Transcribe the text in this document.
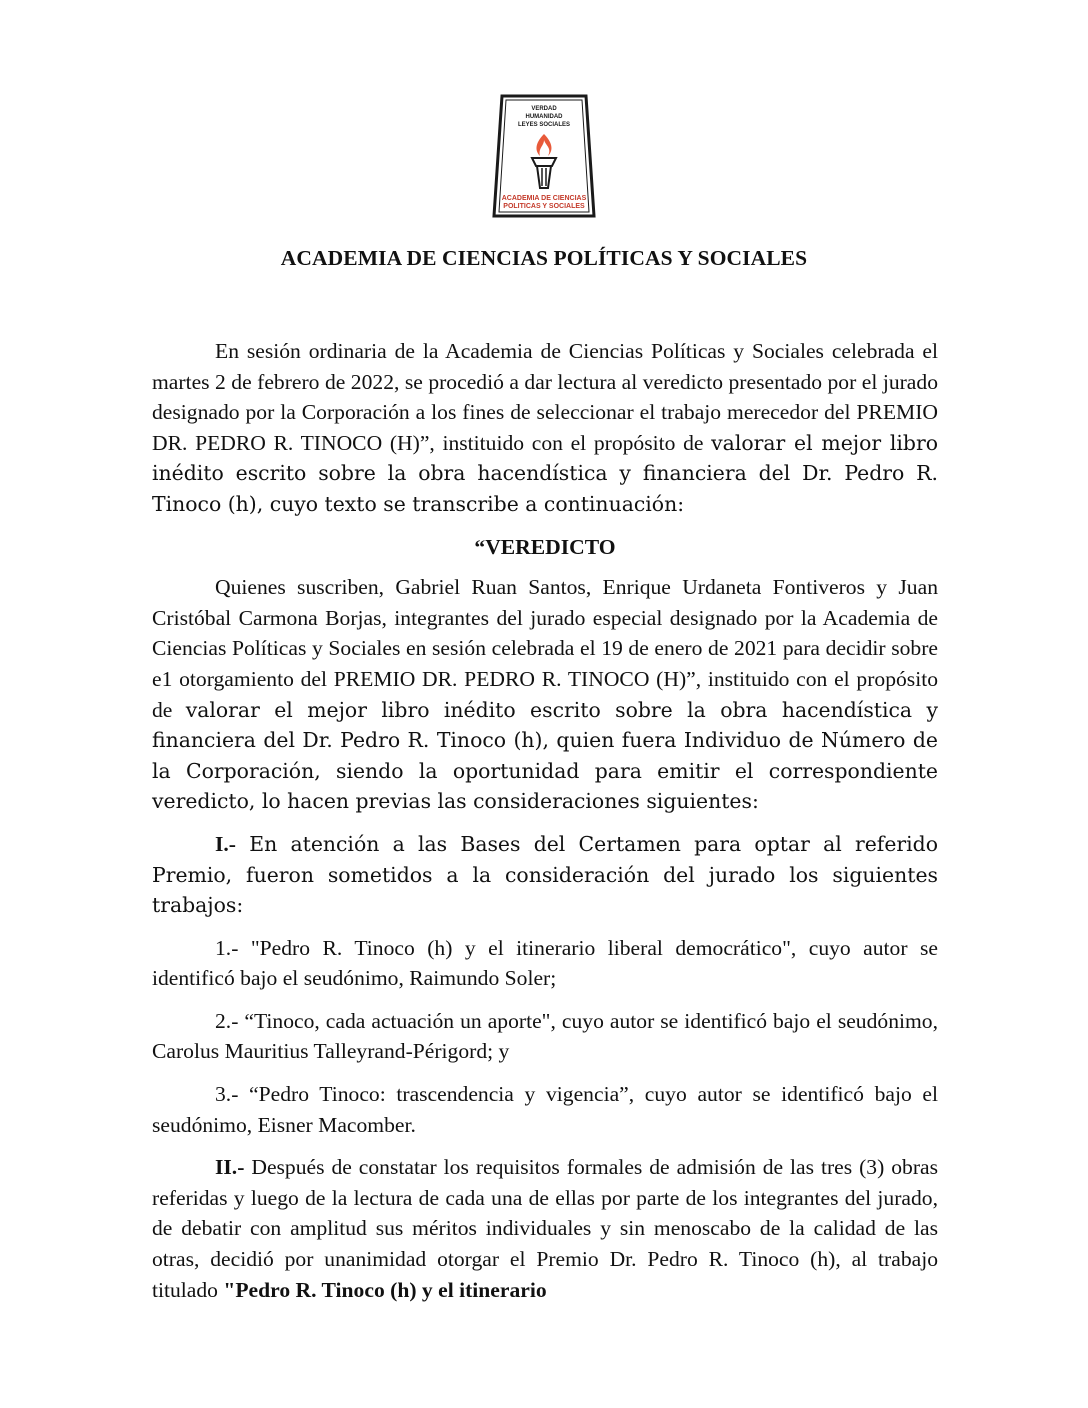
VERDAD
HUMANIDAD
LEYES SOCIALES
ACADEMIA DE CIENCIAS
POLITICAS Y SOCIALES
ACADEMIA DE CIENCIAS POLÍTICAS Y SOCIALES

En sesión ordinaria de la Academia de Ciencias Políticas y Sociales celebrada el martes 2 de febrero de 2022, se procedió a dar lectura al veredicto presentado por el jurado designado por la Corporación a los fines de seleccionar el trabajo merecedor del PREMIO DR. PEDRO R. TINOCO (H)”, instituido con el propósito de valorar el mejor libro inédito escrito sobre la obra hacendística y financiera del Dr. Pedro R. Tinoco (h), cuyo texto se transcribe a continuación:

“VEREDICTO

Quienes suscriben, Gabriel Ruan Santos, Enrique Urdaneta Fontiveros y Juan Cristóbal Carmona Borjas, integrantes del jurado especial designado por la Academia de Ciencias Políticas y Sociales en sesión celebrada el 19 de enero de 2021 para decidir sobre e1 otorgamiento del PREMIO DR. PEDRO R. TINOCO (H)”, instituido con el propósito de valorar el mejor libro inédito escrito sobre la obra hacendística y financiera del Dr. Pedro R. Tinoco (h), quien fuera Individuo de Número de la Corporación, siendo la oportunidad para emitir el correspondiente veredicto, lo hacen previas las consideraciones siguientes:

I.- En atención a las Bases del Certamen para optar al referido Premio, fueron sometidos a la consideración del jurado los siguientes trabajos:

1.- "Pedro R. Tinoco (h) y el itinerario liberal democrático", cuyo autor se identificó bajo el seudónimo, Raimundo Soler;

2.- “Tinoco, cada actuación un aporte", cuyo autor se identificó bajo el seudónimo, Carolus Mauritius Talleyrand-Périgord; y

3.- “Pedro Tinoco: trascendencia y vigencia”, cuyo autor se identificó bajo el seudónimo, Eisner Macomber.

II.- Después de constatar los requisitos formales de admisión de las tres (3) obras referidas y luego de la lectura de cada una de ellas por parte de los integrantes del jurado, de debatir con amplitud sus méritos individuales y sin menoscabo de la calidad de las otras, decidió por unanimidad otorgar el Premio Dr. Pedro R. Tinoco (h), al trabajo titulado "Pedro R. Tinoco (h) y el itinerario
